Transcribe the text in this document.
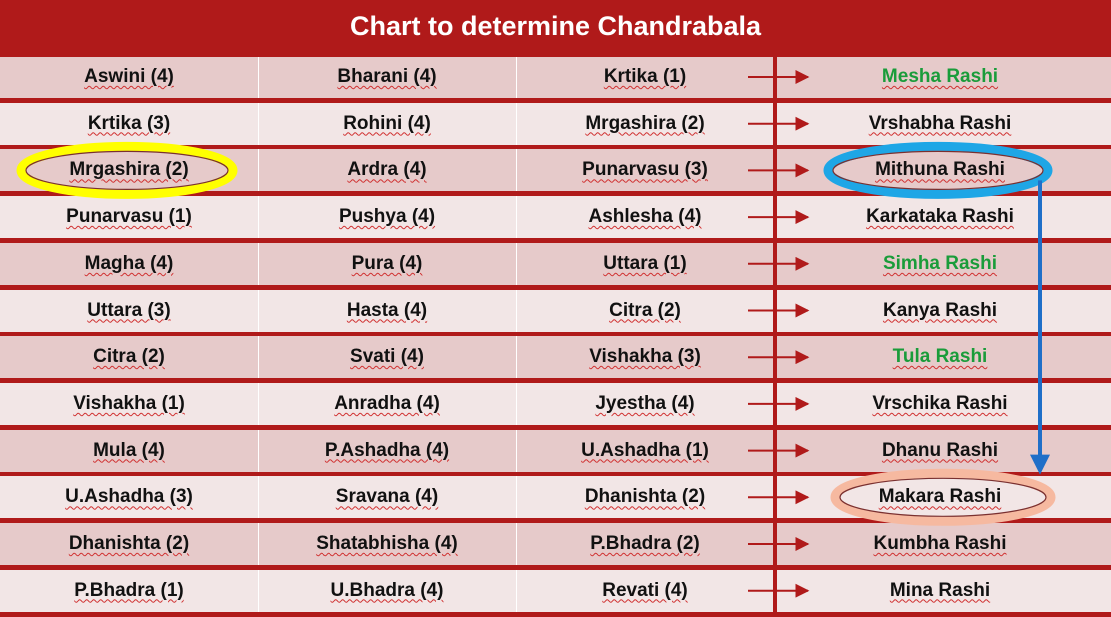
Chart to determine Chandrabala
Aswini (4)	Bharani (4)	Krtika (1)	Mesha Rashi
Krtika (3)	Rohini (4)	Mrgashira (2)	Vrshabha Rashi
Mrgashira (2)	Ardra (4)	Punarvasu (3)	Mithuna Rashi
Punarvasu (1)	Pushya (4)	Ashlesha (4)	Karkataka Rashi
Magha (4)	Pura (4)	Uttara (1)	Simha Rashi
Uttara (3)	Hasta (4)	Citra (2)	Kanya Rashi
Citra (2)	Svati (4)	Vishakha (3)	Tula Rashi
Vishakha (1)	Anradha (4)	Jyestha (4)	Vrschika Rashi
Mula (4)	P.Ashadha (4)	U.Ashadha (1)	Dhanu Rashi
U.Ashadha (3)	Sravana (4)	Dhanishta (2)	Makara Rashi
Dhanishta (2)	Shatabhisha (4)	P.Bhadra (2)	Kumbha Rashi
P.Bhadra (1)	U.Bhadra (4)	Revati (4)	Mina Rashi
